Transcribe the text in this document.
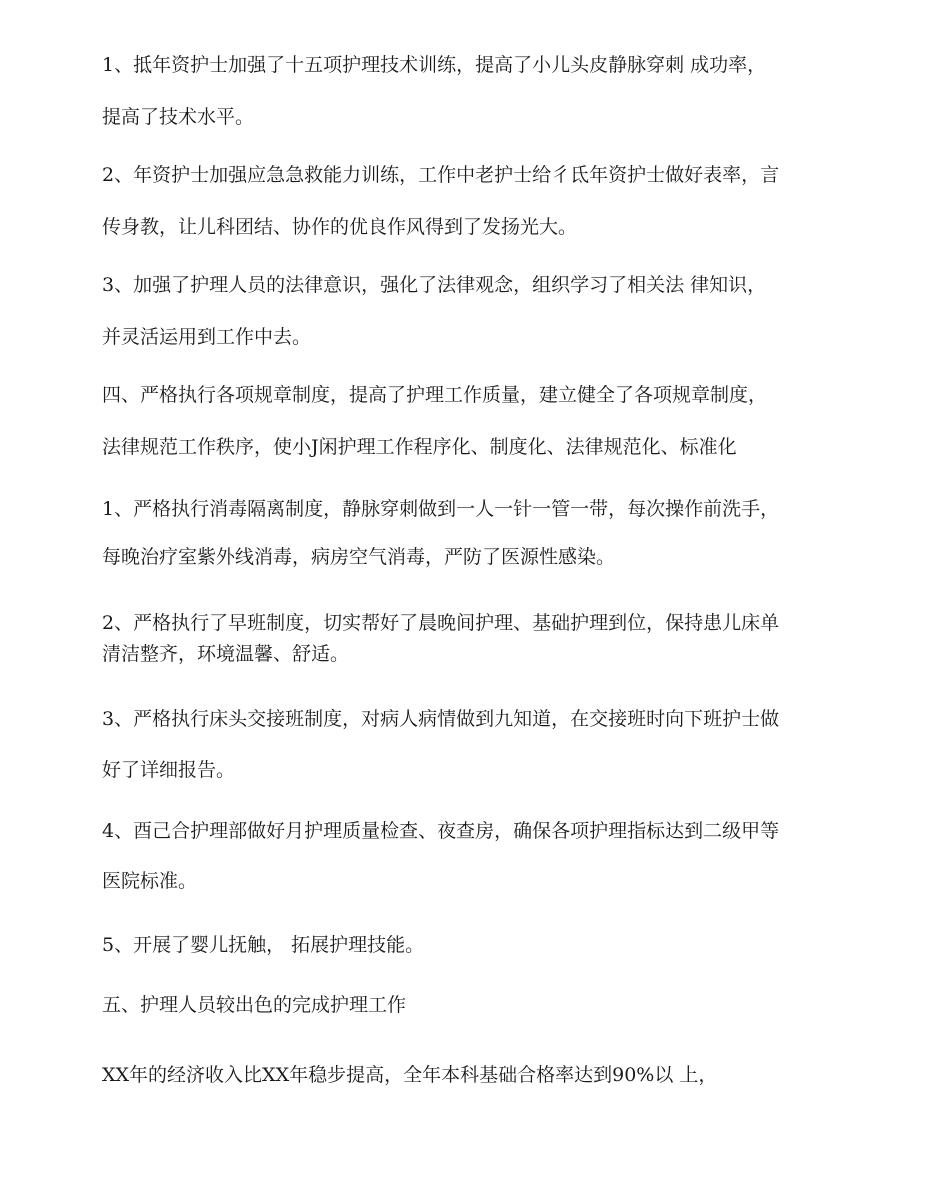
1、抵年资护士加强了十五项护理技术训练，提高了小儿头皮静脉穿刺 成功率，
提高了技术水平。

2、年资护士加强应急急救能力训练，工作中老护士给彳氐年资护士做好表率，言
传身教，让儿科团结、协作的优良作风得到了发扬光大。

3、加强了护理人员的法律意识，强化了法律观念，组织学习了相关法 律知识，
并灵活运用到工作中去。

四、严格执行各项规章制度，提高了护理工作质量，建立健全了各项规章制度，
法律规范工作秩序，使小J闲护理工作程序化、制度化、法律规范化、标准化

1、严格执行消毒隔离制度，静脉穿刺做到一人一针一管一带，每次操作前洗手，
每晚治疗室紫外线消毒，病房空气消毒，严防了医源性感染。

2、严格执行了早班制度，切实帮好了晨晚间护理、基础护理到位，保持患儿床单
清洁整齐，环境温馨、舒适。

3、严格执行床头交接班制度，对病人病情做到九知道，在交接班时向下班护士做
好了详细报告。

4、酉己合护理部做好月护理质量检查、夜查房，确保各项护理指标达到二级甲等
医院标准。

5、开展了婴儿抚触， 拓展护理技能。

五、护理人员较出色的完成护理工作

XX年的经济收入比XX年稳步提高，全年本科基础合格率达到90%以 上，
